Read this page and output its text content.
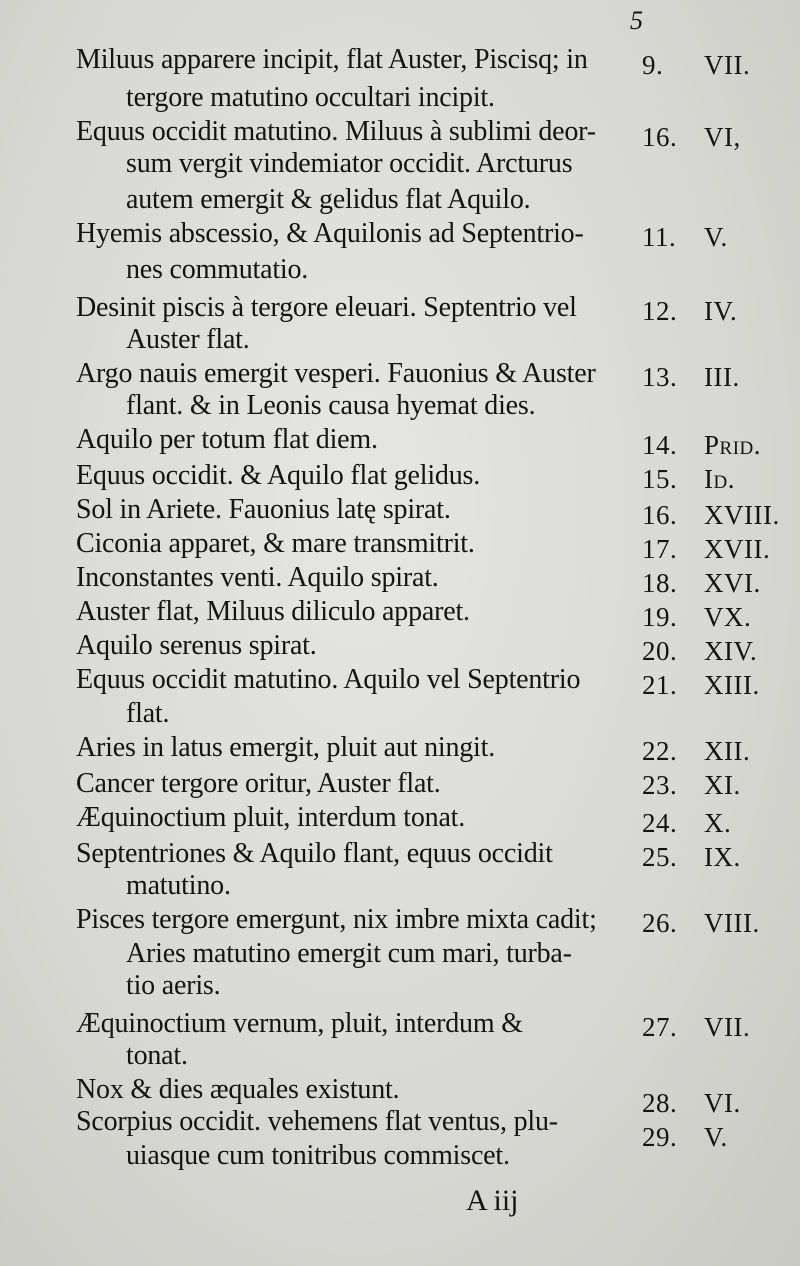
5
Miluus apparere incipit, flat Auster, Piscisq; in
tergore matutino occultari incipit.
9. VII.
Equus occidit matutino. Miluus à sublimi deor-
sum vergit vindemiator occidit. Arcturus
autem emergit & gelidus flat Aquilo.
16. VI,
Hyemis abscessio, & Aquilonis ad Septentrio-
nes commutatio.
11. V.
Desinit piscis à tergore eleuari. Septentrio vel
Auster flat.
12. IV.
Argo nauis emergit vesperi. Fauonius & Auster
flant. & in Leonis causa hyemat dies.
13. III.
Aquilo per totum flat diem.	14. Prid.
Equus occidit. & Aquilo flat gelidus.	15. Id.
Sol in Ariete. Fauonius latę spirat.	16. XVIII.
Ciconia apparet, & mare transmitrit.	17. XVII.
Inconstantes venti. Aquilo spirat.	18. XVI.
Auster flat, Miluus diliculo apparet.	19. VX.
Aquilo serenus spirat.	20. XIV.
Equus occidit matutino. Aquilo vel Septentrio
flat.
21. XIII.
Aries in latus emergit, pluit aut ningit.	22. XII.
Cancer tergore oritur, Auster flat.	23. XI.
Æquinoctium pluit, interdum tonat.	24. X.
Septentriones & Aquilo flant, equus occidit
matutino.
25. IX.
Pisces tergore emergunt, nix imbre mixta cadit;
Aries matutino emergit cum mari, turba-
tio aeris.
26. VIII.
Æquinoctium vernum, pluit, interdum &
tonat.
27. VII.
Nox & dies æquales existunt.	28. VI.
Scorpius occidit. vehemens flat ventus, plu-
uiasque cum tonitribus commiscet.
29. V.
A iij
